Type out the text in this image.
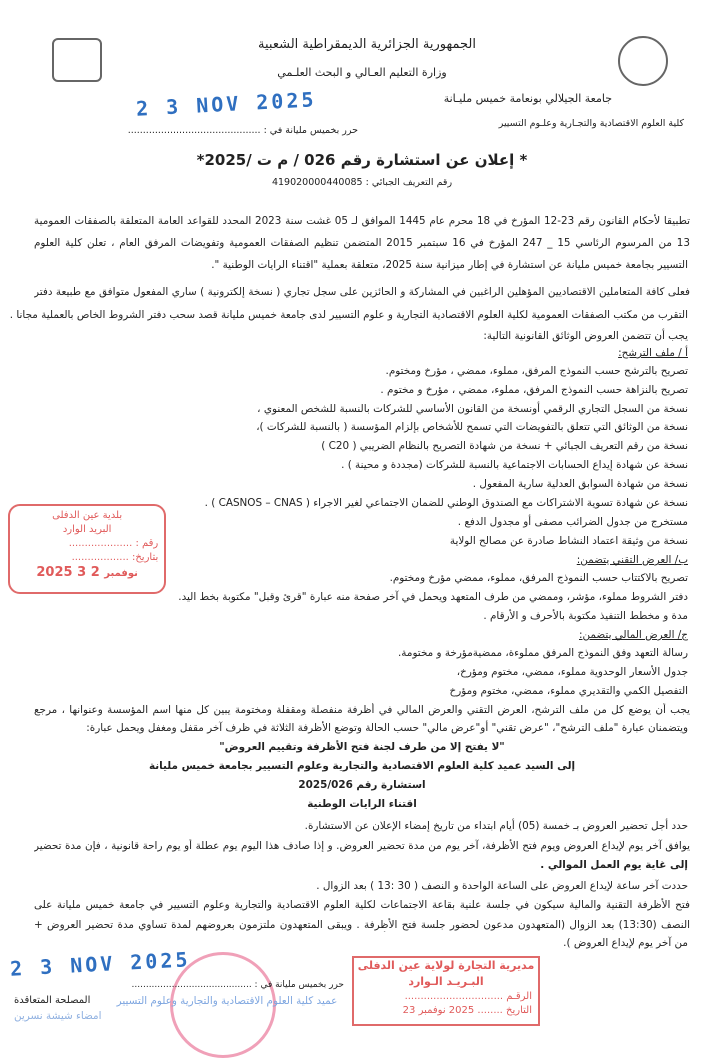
الجمهورية الجزائرية الديمقراطية الشعبية
وزارة التعليم العـالي و البحث العلـمي
جامعة الجيلالي بونعامة خميس مليـانة
كلية العلوم الاقتصادية والتجـارية وعلـوم التسيير
2 3 NOV 2025
حرر بخميس مليانة في : ............................................
* إعلان عن استشارة رقم 026 / م ت /2025*
رقم التعريف الجبائي : 419020000440085
تطبيقا لأحكام القانون رقم 23-12 المؤرخ في 18 محرم عام 1445 الموافق لـ 05 غشت سنة 2023 المحدد للقواعد العامة المتعلقة بالصفقات العمومية
13 من المرسوم الرئاسي 15 _ 247 المؤرخ في 16 سبتمبر 2015 المتضمن تنظيم الصفقات العمومية وتفويضات المرفق العام ، تعلن كلية العلوم
التسيير بجامعة خميس مليانة عن استشارة في إطار ميزانية سنة 2025، متعلقة بعملية "اقتناء الرايات الوطنية ".
فعلى كافة المتعاملين الاقتصاديين المؤهلين الراغبين في المشاركة و الحائزين على سجل تجاري ( نسخة إلكترونية ) ساري المفعول متوافق مع طبيعة دفتر
التقرب من مكتب الصفقات العمومية لكلية العلوم الاقتصادية التجارية و علوم التسيير لدى جامعة خميس مليانة قصد سحب دفتر الشروط الخاص بالعملية مجانا .
يجب أن تتضمن العروض الوثائق القانونية التالية:
أ / ملف الترشح:
تصريح بالترشح حسب النموذج المرفق، مملوء، ممضي ، مؤرخ ومختوم.
تصريح بالنزاهة حسب النموذج المرفق، مملوء، ممضي ، مؤرخ و مختوم .
نسخة من السجل التجاري الرقمي أونسخة من القانون الأساسي للشركات بالنسبة للشخص المعنوي ،
نسخة من الوثائق التي تتعلق بالتفويضات التي تسمح للأشخاص بإلزام المؤسسة ( بالنسبة للشركات )،
نسخة من رقم التعريف الجبائي + نسخة من شهادة التصريح بالنظام الضريبي ( C20 )
نسخة عن شهادة إيداع الحسابات الاجتماعية بالنسبة للشركات (مجددة و محينة ) .
نسخة من شهادة السوابق العدلية سارية المفعول .
نسخة عن شهادة تسوية الاشتراكات مع الصندوق الوطني للضمان الاجتماعي لغير الاجراء ( CASNOS – CNAS ) .
مستخرج من جدول الضرائب مصفى أو مجدول الدفع .
نسخة من وثيقة اعتماد النشاط صادرة عن مصالح الولاية
ب/ العرض التقني يتضمن:
تصريح بالاكتتاب حسب النموذج المرفق، مملوء، ممضي مؤرخ ومختوم.
دفتر الشروط مملوء، مؤشر، وممضي من طرف المتعهد ويحمل في آخر صفحة منه عبارة "قرئ وقبل" مكتوبة بخط اليد.
مدة و مخطط التنفيذ مكتوبة بالأحرف و الأرقام .
ج/ العرض المالي يتضمن:
رسالة التعهد وفق النموذج المرفق مملوءة، ممضيةمؤرخة و مختومة.
جدول الأسعار الوحدوية مملوء، ممضي، مختوم ومؤرخ،
التفصيل الكمي والتقديري مملوء، ممضي، مختوم ومؤرخ
يجب أن يوضع كل من ملف الترشح، العرض التقني والعرض المالي في أظرفة منفصلة ومقفلة ومختومة يبين كل منها اسم المؤسسة وعنوانها ، مرجع
ويتضمنان عبارة "ملف الترشح"، "عرض تقني" أو"عرض مالي" حسب الحالة وتوضع الأظرفة الثلاثة في ظرف آخر مقفل ومغفل ويحمل عبارة:
"لا يفتح إلا من طرف لجنة فتح الأظرفة وتقييم العروض"
إلى السيد عميد كلية العلوم الاقتصادية والتجارية وعلوم التسيير بجامعة خميس مليانة
استشارة رقم 2025/026
اقتناء الرايات الوطنية
حدد أجل تحضير العروض بـ خمسة (05) أيام ابتداء من تاريخ إمضاء الإعلان عن الاستشارة.
يوافق آخر يوم لإيداع العروض ويوم فتح الأظرفة، آخر يوم من مدة تحضير العروض. و إذا صادف هذا اليوم يوم عطلة أو يوم راحة قانونية ، فإن مدة تحضير
إلى غاية يوم العمل الموالي .
حددت آخر ساعة لإيداع العروض على الساعة الواحدة و النصف ( 30 :13 ) بعد الزوال .
فتح الأظرفة التقنية والمالية سيكون في جلسة علنية بقاعة الاجتماعات لكلية العلوم الاقتصادية والتجارية وعلوم التسيير في جامعة خميس مليانة على
النصف (13:30) بعد الزوال (المتعهدون مدعون لحضور جلسة فتح الأظرفة . ويبقى المتعهدون ملتزمون بعروضهم لمدة تساوي مدة تحضير العروض +
من آخر يوم لإيداع العروض ).
2 3 NOV 2025
حرر بخميس مليانة في : ..........................................
المصلحة المتعاقدة	عميد كلية العلوم الاقتصادية والتجارية وعلوم التسيير
امضاء شيشة نسرين
بلدية عين الدفلى
البريد الوارد
رقم : ....................
بتاريخ: ..................
2025	نوفمبر 2 3
مديرية التجارة لولاية عين الدفلى
البـريـد الـوارد
الرقـم ...............................
التاريخ ........ 2025 نوفمبر 23
